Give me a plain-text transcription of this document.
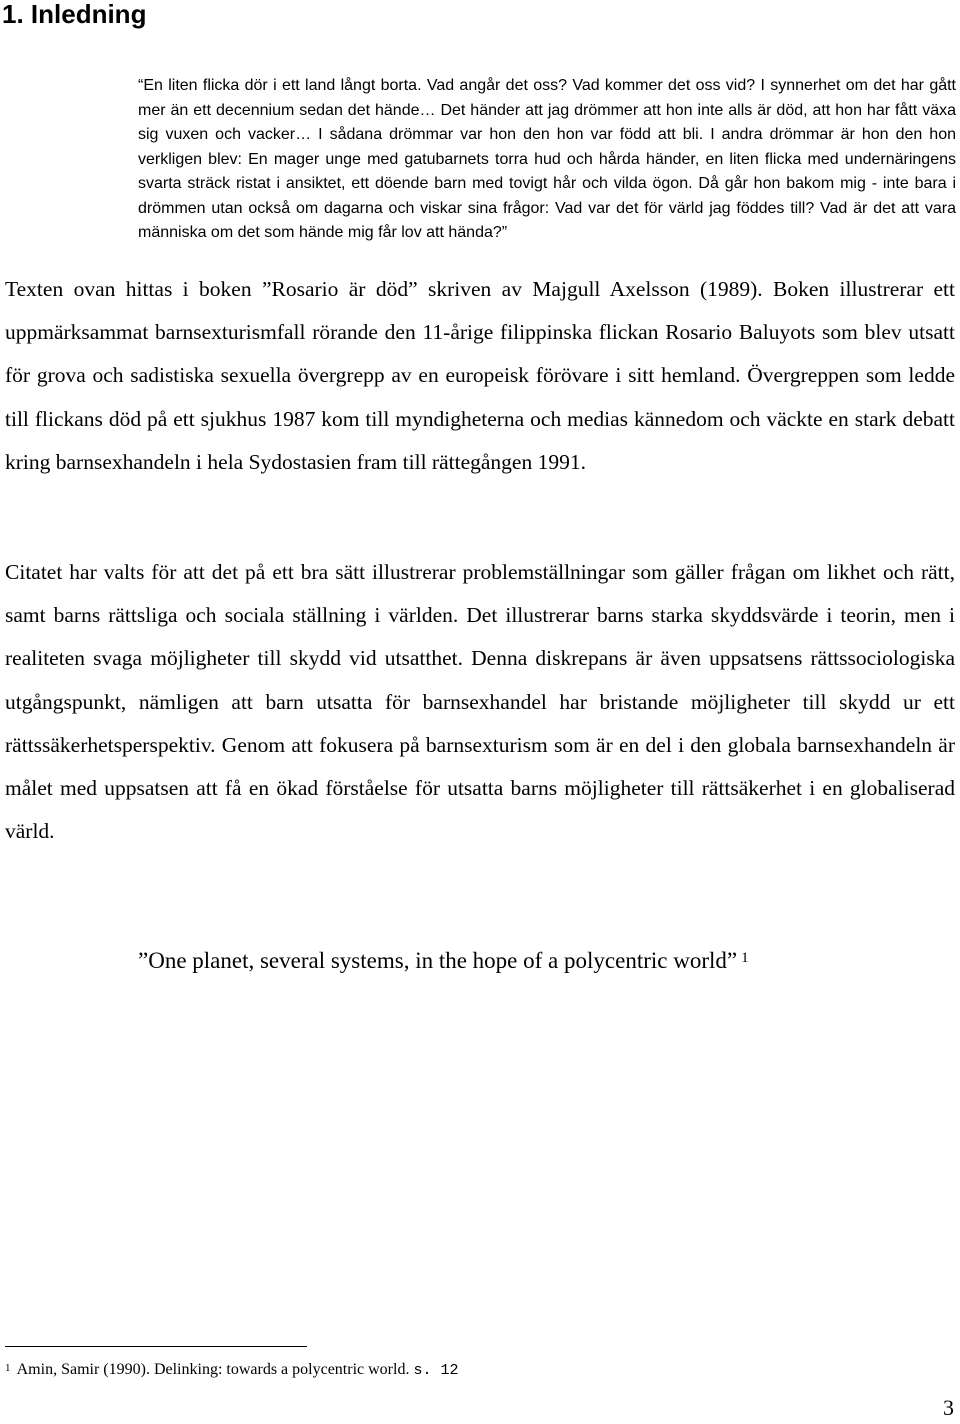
1. Inledning

“En liten flicka dör i ett land långt borta. Vad angår det oss? Vad kommer det oss vid? I synnerhet om det har gått mer än ett decennium sedan det hände… Det händer att jag drömmer att hon inte alls är död, att hon har fått växa sig vuxen och vacker… I sådana drömmar var hon den hon var född att bli. I andra drömmar är hon den hon verkligen blev: En mager unge med gatubarnets torra hud och hårda händer, en liten flicka med undernäringens svarta sträck ristat i ansiktet, ett döende barn med tovigt hår och vilda ögon. Då går hon bakom mig - inte bara i drömmen utan också om dagarna och viskar sina frågor: Vad var det för värld jag föddes till? Vad är det att vara människa om det som hände mig får lov att hända?”

Texten ovan hittas i boken ”Rosario är död” skriven av Majgull Axelsson (1989). Boken illustrerar ett uppmärksammat barnsexturismfall rörande den 11-årige filippinska flickan Rosario Baluyots som blev utsatt för grova och sadistiska sexuella övergrepp av en europeisk förövare i sitt hemland. Övergreppen som ledde till flickans död på ett sjukhus 1987 kom till myndigheterna och medias kännedom och väckte en stark debatt kring barnsexhandeln i hela Sydostasien fram till rättegången 1991.

Citatet har valts för att det på ett bra sätt illustrerar problemställningar som gäller frågan om likhet och rätt, samt barns rättsliga och sociala ställning i världen. Det illustrerar barns starka skyddsvärde i teorin, men i realiteten svaga möjligheter till skydd vid utsatthet. Denna diskrepans är även uppsatsens rättssociologiska utgångspunkt, nämligen att barn utsatta för barnsexhandel har bristande möjligheter till skydd ur ett rättssäkerhetsperspektiv. Genom att fokusera på barnsexturism som är en del i den globala barnsexhandeln är målet med uppsatsen att få en ökad förståelse för utsatta barns möjligheter till rättsäkerhet i en globaliserad värld.

”One planet, several systems, in the hope of a polycentric world” $^1$

$^1$ Amin, Samir (1990). Delinking: towards a polycentric world. s. 12

3
